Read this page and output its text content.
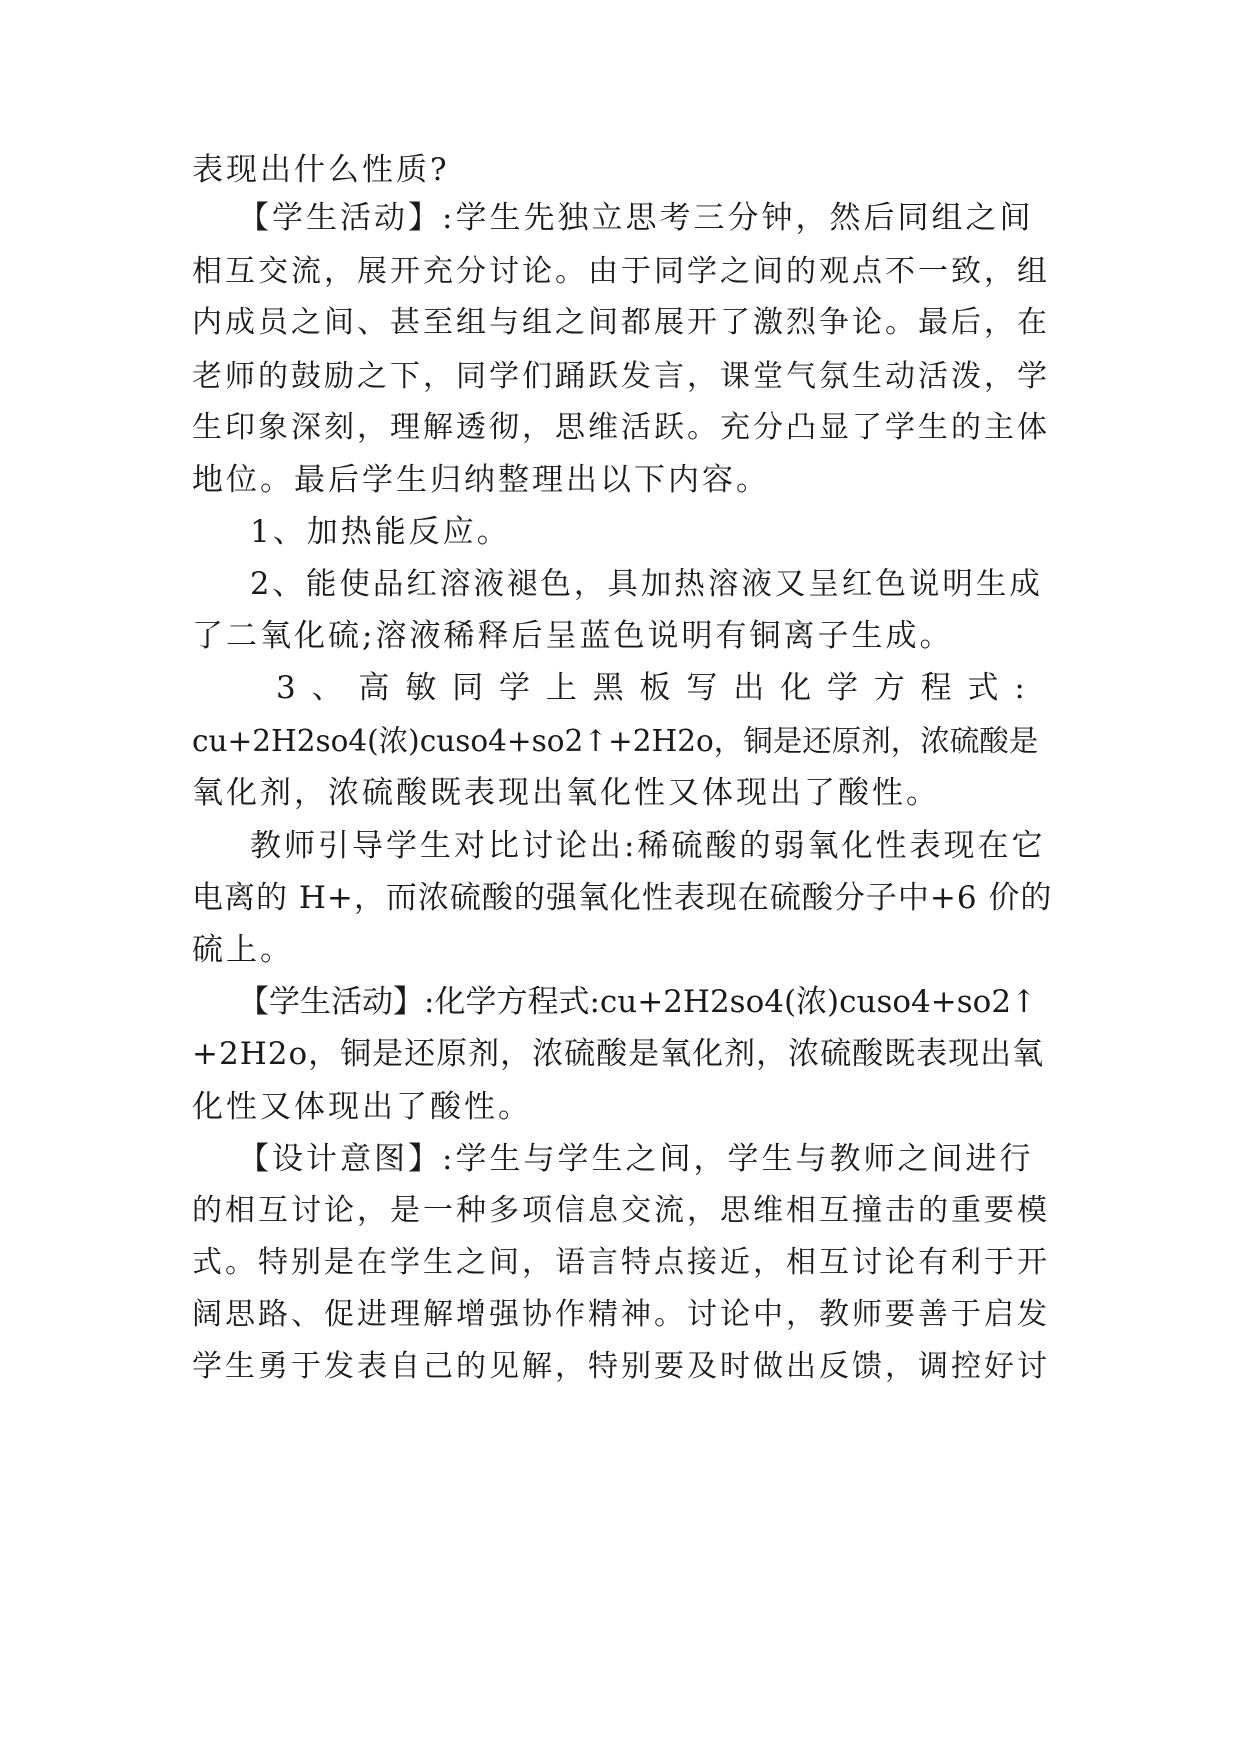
表现出什么性质?
【学生活动】:学生先独立思考三分钟，然后同组之间
相互交流，展开充分讨论。由于同学之间的观点不一致，组
内成员之间、甚至组与组之间都展开了激烈争论。最后，在
老师的鼓励之下，同学们踊跃发言，课堂气氛生动活泼，学
生印象深刻，理解透彻，思维活跃。充分凸显了学生的主体
地位。最后学生归纳整理出以下内容。
1、加热能反应。
2、能使品红溶液褪色，具加热溶液又呈红色说明生成
了二氧化硫;溶液稀释后呈蓝色说明有铜离子生成。
3 、 高 敏 同 学 上 黑 板 写 出 化 学 方 程 式 :
cu+2H2so4(浓)cuso4+so2↑+2H2o，铜是还原剂，浓硫酸是
氧化剂，浓硫酸既表现出氧化性又体现出了酸性。
教师引导学生对比讨论出:稀硫酸的弱氧化性表现在它
电离的 H+，而浓硫酸的强氧化性表现在硫酸分子中+6 价的
硫上。
【学生活动】:化学方程式:cu+2H2so4(浓)cuso4+so2↑
+2H2o，铜是还原剂，浓硫酸是氧化剂，浓硫酸既表现出氧
化性又体现出了酸性。
【设计意图】:学生与学生之间，学生与教师之间进行
的相互讨论，是一种多项信息交流，思维相互撞击的重要模
式。特别是在学生之间，语言特点接近，相互讨论有利于开
阔思路、促进理解增强协作精神。讨论中，教师要善于启发
学生勇于发表自己的见解，特别要及时做出反馈，调控好讨
